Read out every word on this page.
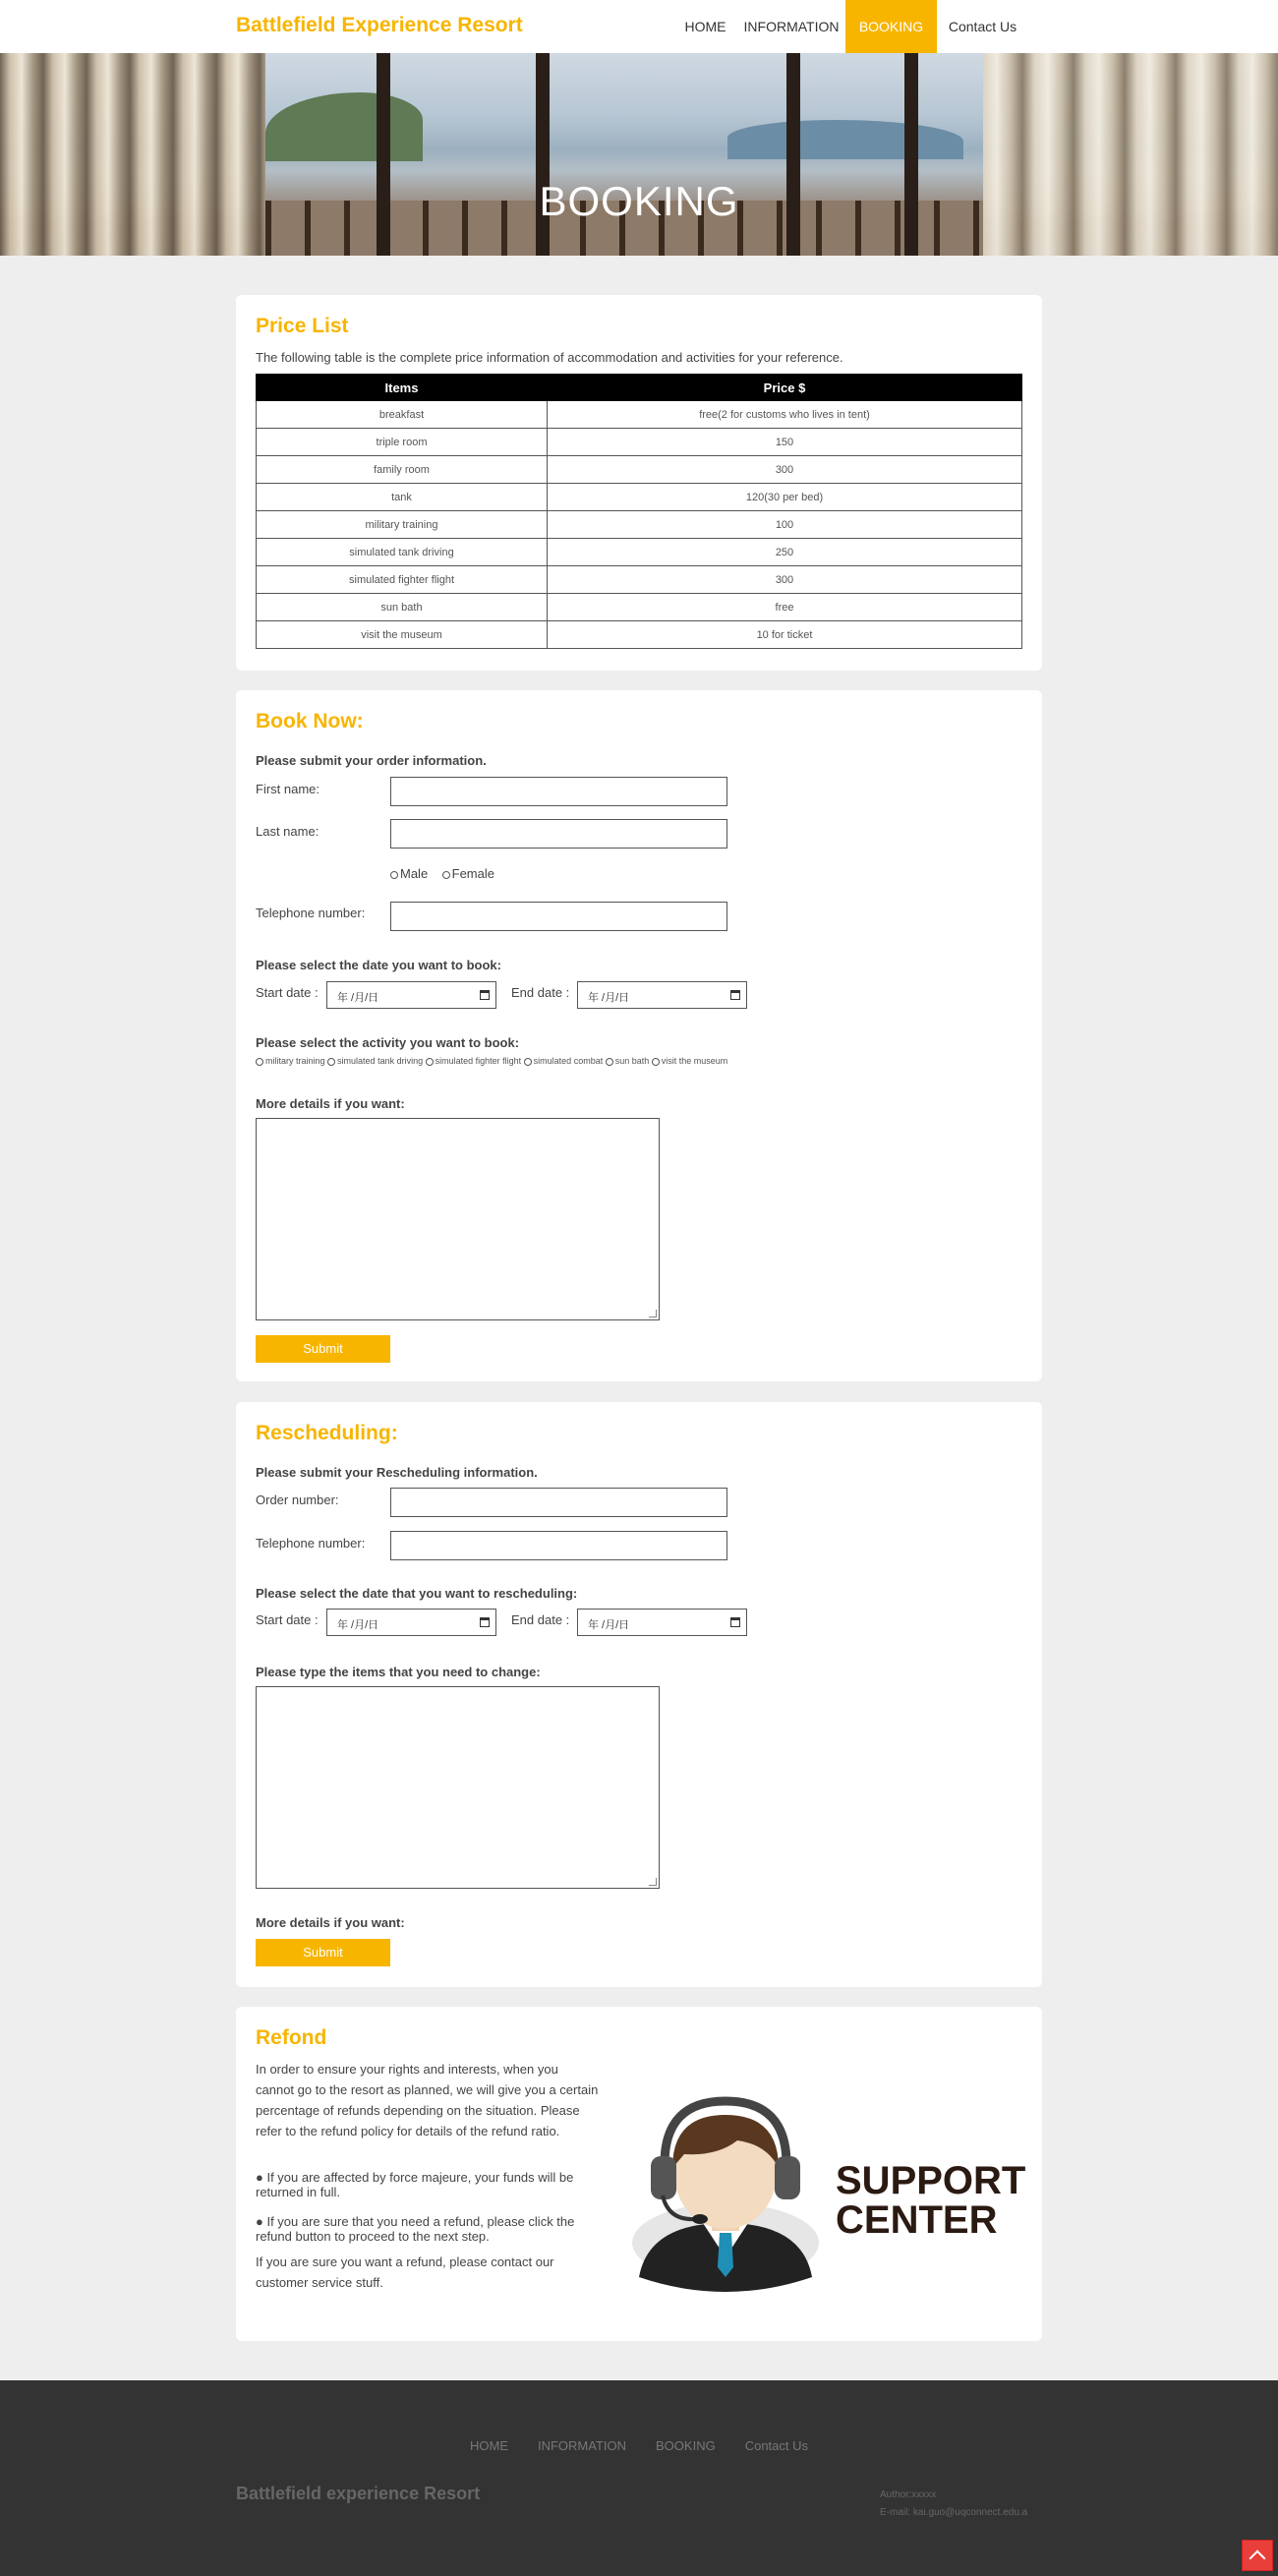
Battlefield Experience Resort	HOME	INFORMATION	BOOKING	Contact Us
BOOKING
Price List
The following table is the complete price information of accommodation and activities for your reference.
Items	Price $
breakfast	free(2 for customs who lives in tent)
triple room	150
family room	300
tank	120(30 per bed)
military training	100
simulated tank driving	250
simulated fighter flight	300
sun bath	free
visit the museum	10 for ticket
Book Now:
Please submit your order information.
First name:
Last name:
Male Female
Telephone number:
Please select the date you want to book:
Start date :	年 /月/日	End date :	年 /月/日
Please select the activity you want to book:
military training simulated tank driving simulated fighter flight simulated combat sun bath visit the museum
More details if you want:
Submit
Rescheduling:
Please submit your Rescheduling information.
Order number:
Telephone number:
Please select the date that you want to rescheduling:
Start date :	年 /月/日	End date :	年 /月/日
Please type the items that you need to change:
More details if you want:
Submit
Refond
In order to ensure your rights and interests, when you cannot go to the resort as planned, we will give you a certain percentage of refunds depending on the situation. Please refer to the refund policy for details of the refund ratio.
● If you are affected by force majeure, your funds will be returned in full.
● If you are sure that you need a refund, please click the refund button to proceed to the next step.
If you are sure you want a refund, please contact our customer service stuff.
SUPPORT
CENTER
HOME INFORMATION BOOKING Contact Us
Battlefield experience Resort	Author:xxxxx
E-mail: kai.guo@uqconnect.edu.a
